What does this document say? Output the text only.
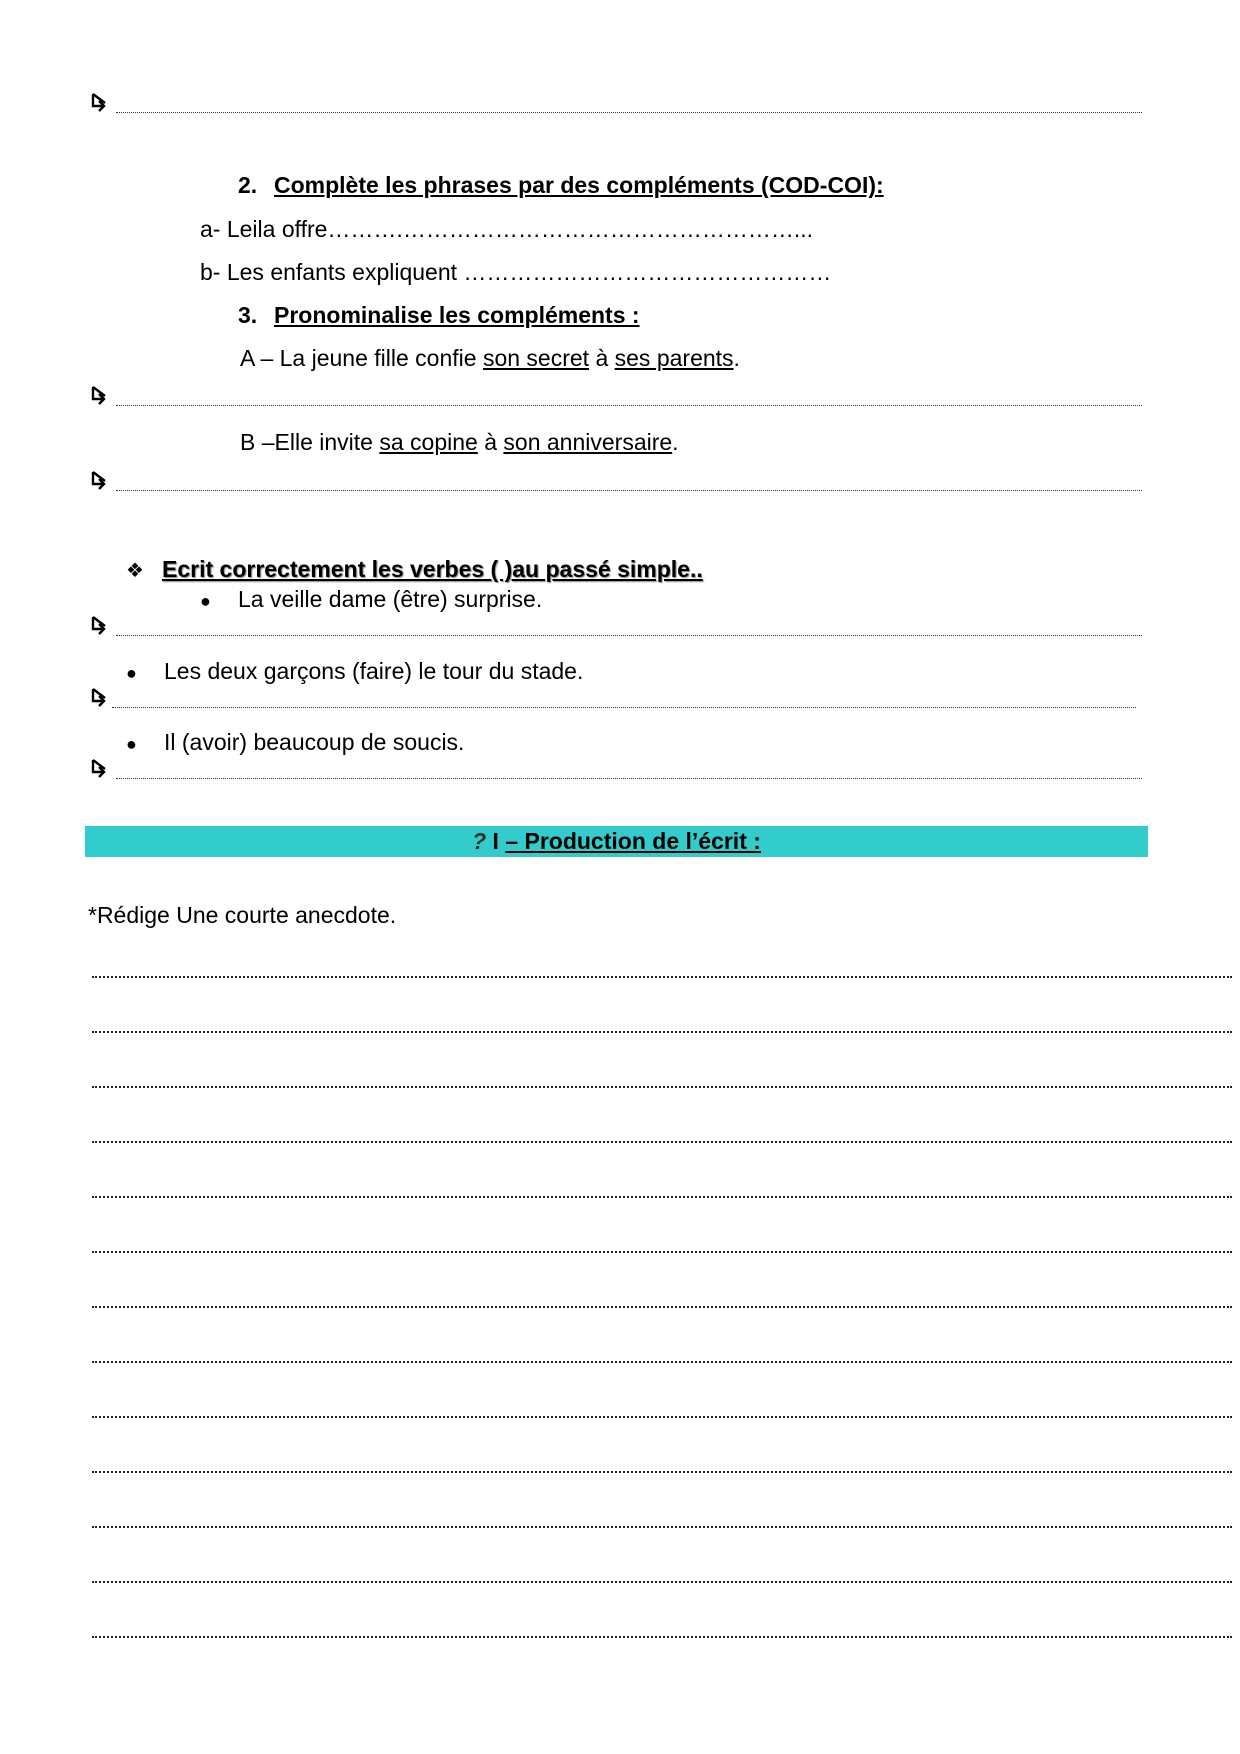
2. Complète les phrases par des compléments (COD-COI):
a- Leila offre……….……………………………………………...
b- Les enfants expliquent …………………………………………
3. Pronominalise les compléments :
A – La jeune fille confie son secret à ses parents.
B –Elle invite sa copine à son anniversaire.
❖ Ecrit correctement les verbes ( )au passé simple..
● La veille dame (être) surprise.
● Les deux garçons (faire) le tour du stade.
● Il (avoir) beaucoup de soucis.
? I – Production de l’écrit :
*Rédige Une courte anecdote.
